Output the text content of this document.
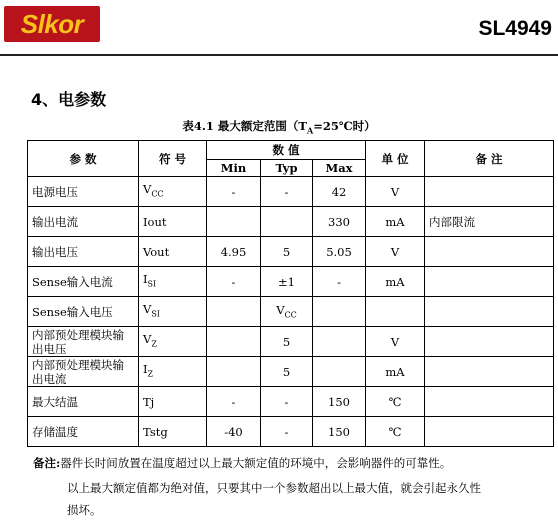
Slkor	SL4949
4、电参数
表4.1 最大额定范围（$T_A=25℃$时）
参 数	符 号	数 值			单 位	备 注
		Min	Typ	Max		
电源电压	$V_{CC}$	-	-	42	V	
输出电流	Iout			330	mA	内部限流
输出电压	Vout	4.95	5	5.05	V	
Sense输入电流	$I_{SI}$	-	±1	-	mA	
Sense输入电压	$V_{SI}$		$V_{CC}$			
内部预处理模块输出电压	$V_Z$		5		V	
内部预处理模块输出电流	$I_Z$		5		mA	
最大结温	Tj	-	-	150	℃	
存储温度	Tstg	-40	-	150	℃	
备注:器件长时间放置在温度超过以上最大额定值的环境中，会影响器件的可靠性。
以上最大额定值都为绝对值，只要其中一个参数超出以上最大值，就会引起永久性
损坏。
